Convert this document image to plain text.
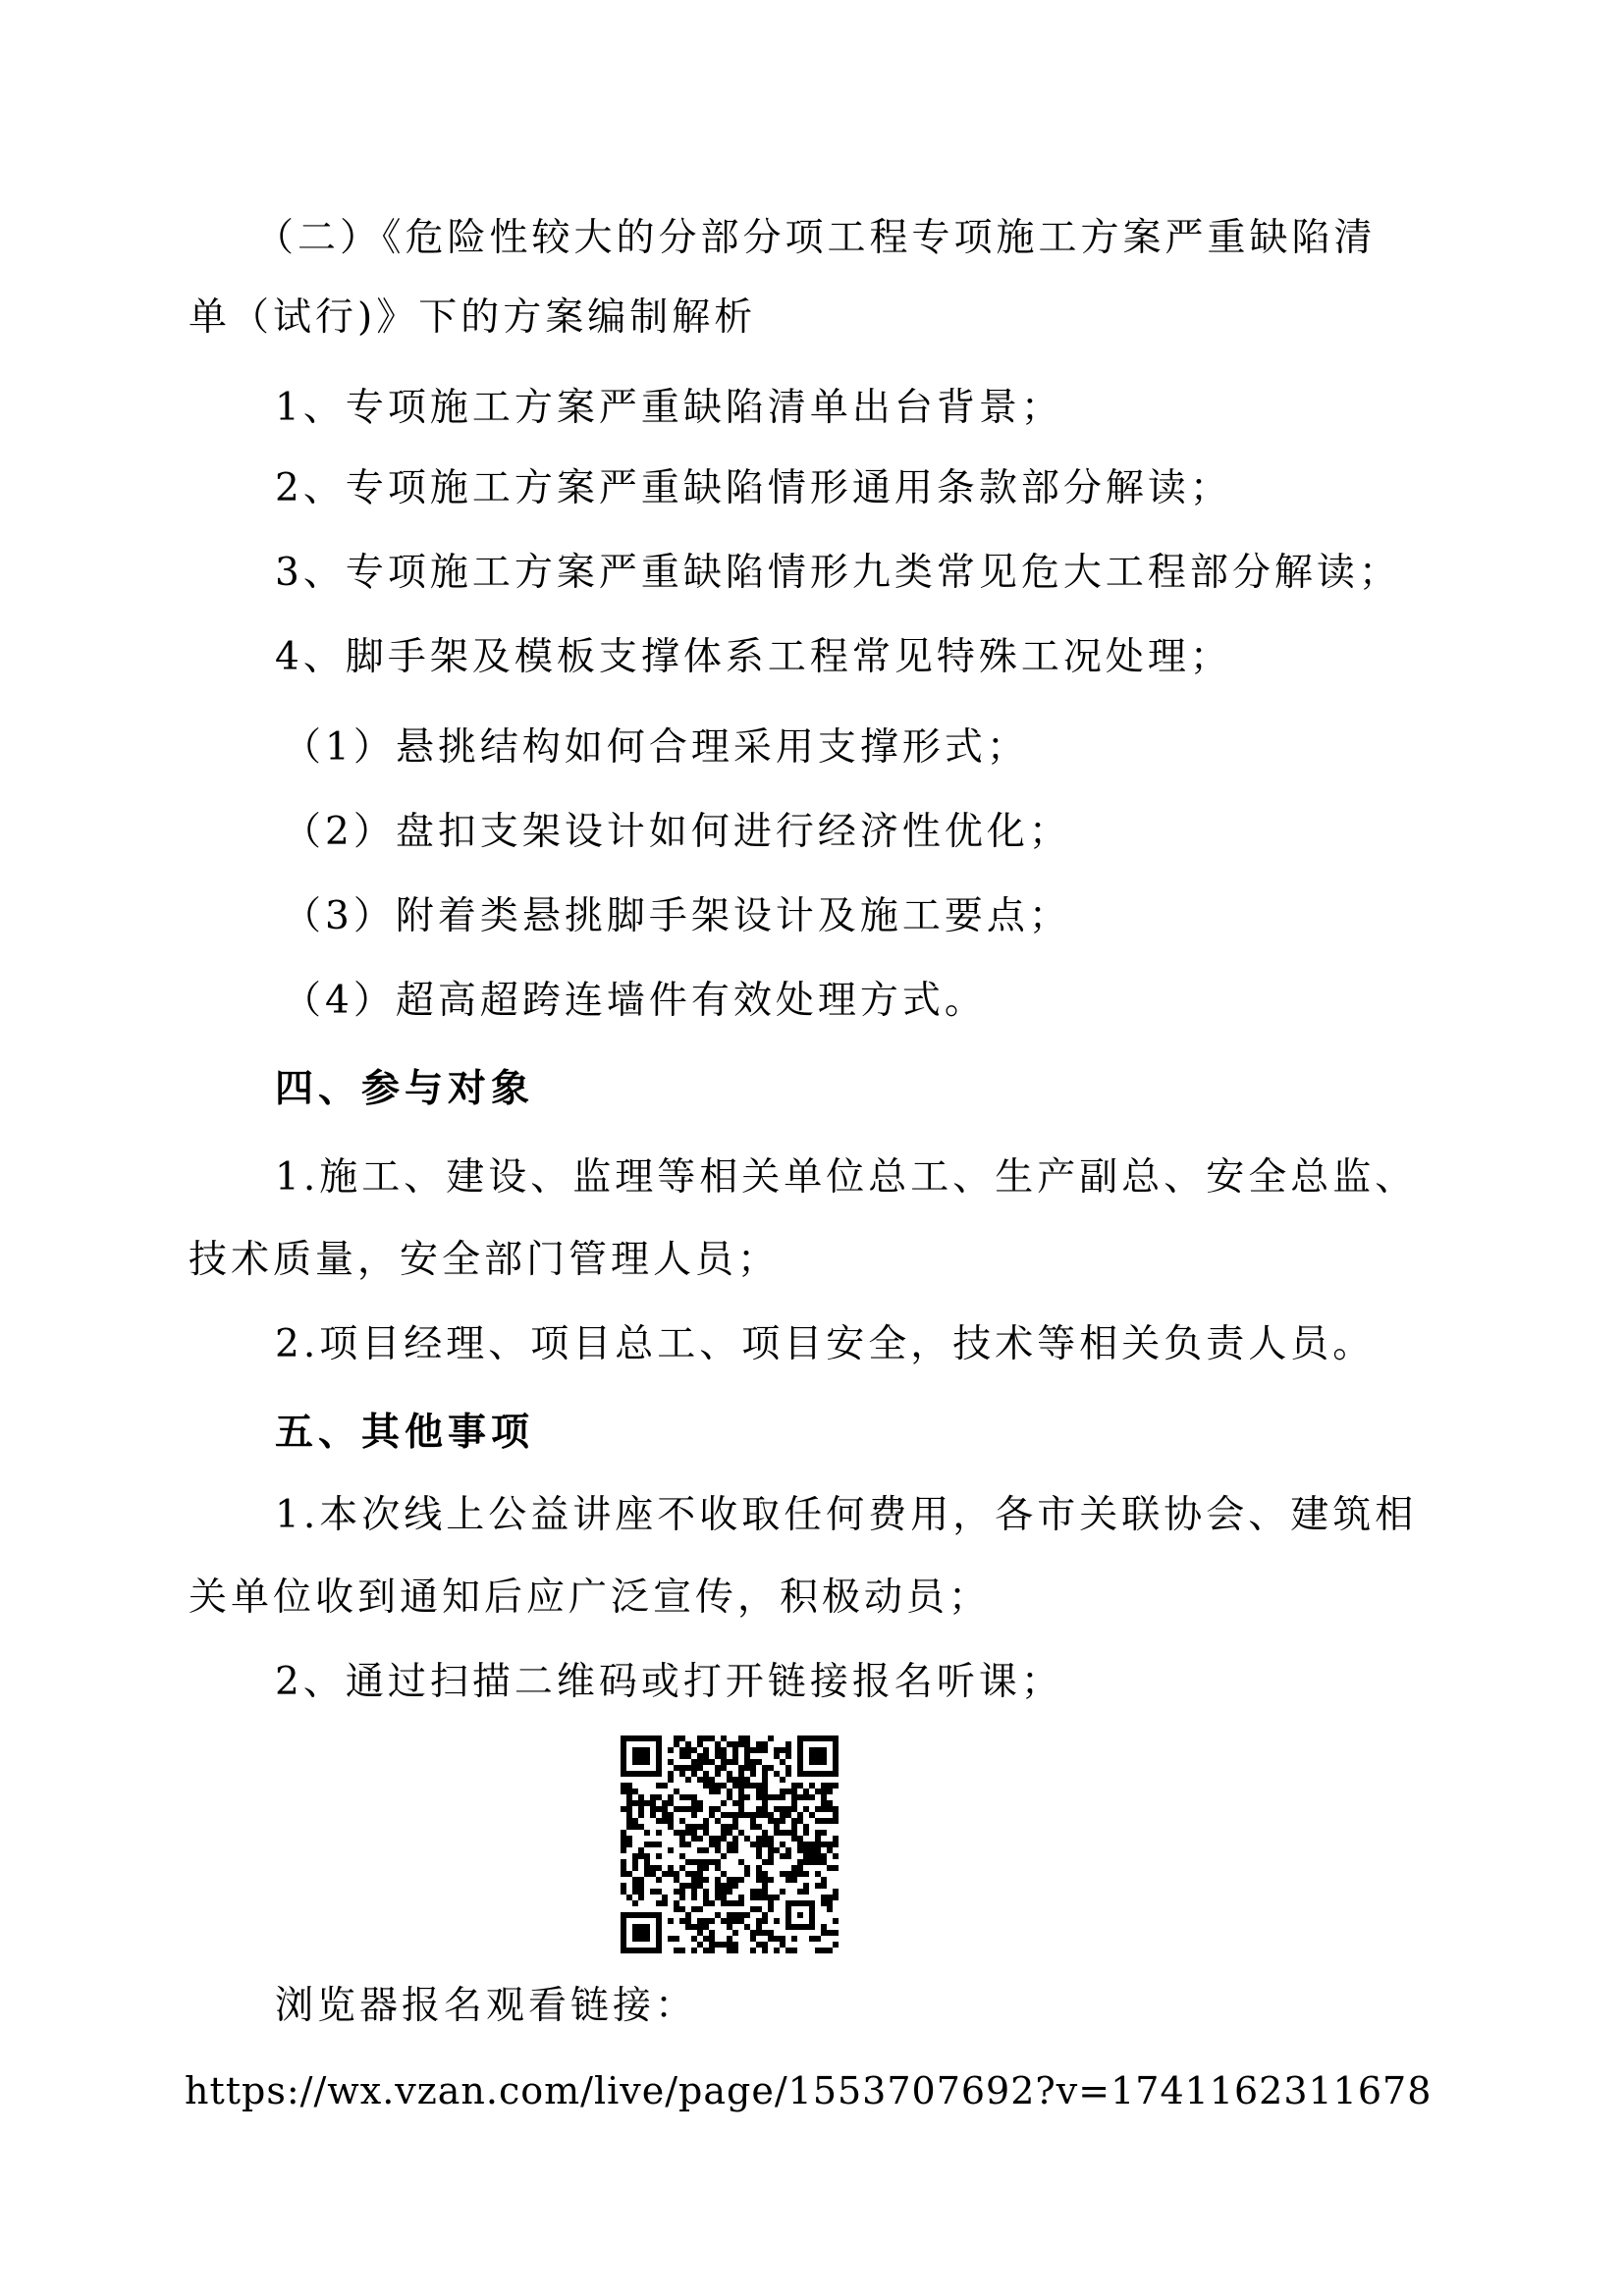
（二）《危险性较大的分部分项工程专项施工方案严重缺陷清
单（试行)》下的方案编制解析
1、专项施工方案严重缺陷清单出台背景；
2、专项施工方案严重缺陷情形通用条款部分解读；
3、专项施工方案严重缺陷情形九类常见危大工程部分解读；
4、脚手架及模板支撑体系工程常见特殊工况处理；
（1）悬挑结构如何合理采用支撑形式；
（2）盘扣支架设计如何进行经济性优化；
（3）附着类悬挑脚手架设计及施工要点；
（4）超高超跨连墙件有效处理方式。
四、参与对象
1.施工、建设、监理等相关单位总工、生产副总、安全总监、
技术质量，安全部门管理人员；
2.项目经理、项目总工、项目安全，技术等相关负责人员。
五、其他事项
1.本次线上公益讲座不收取任何费用，各市关联协会、建筑相
关单位收到通知后应广泛宣传，积极动员；
2、通过扫描二维码或打开链接报名听课；
浏览器报名观看链接：
https://wx.vzan.com/live/page/1553707692?v=1741162311678
